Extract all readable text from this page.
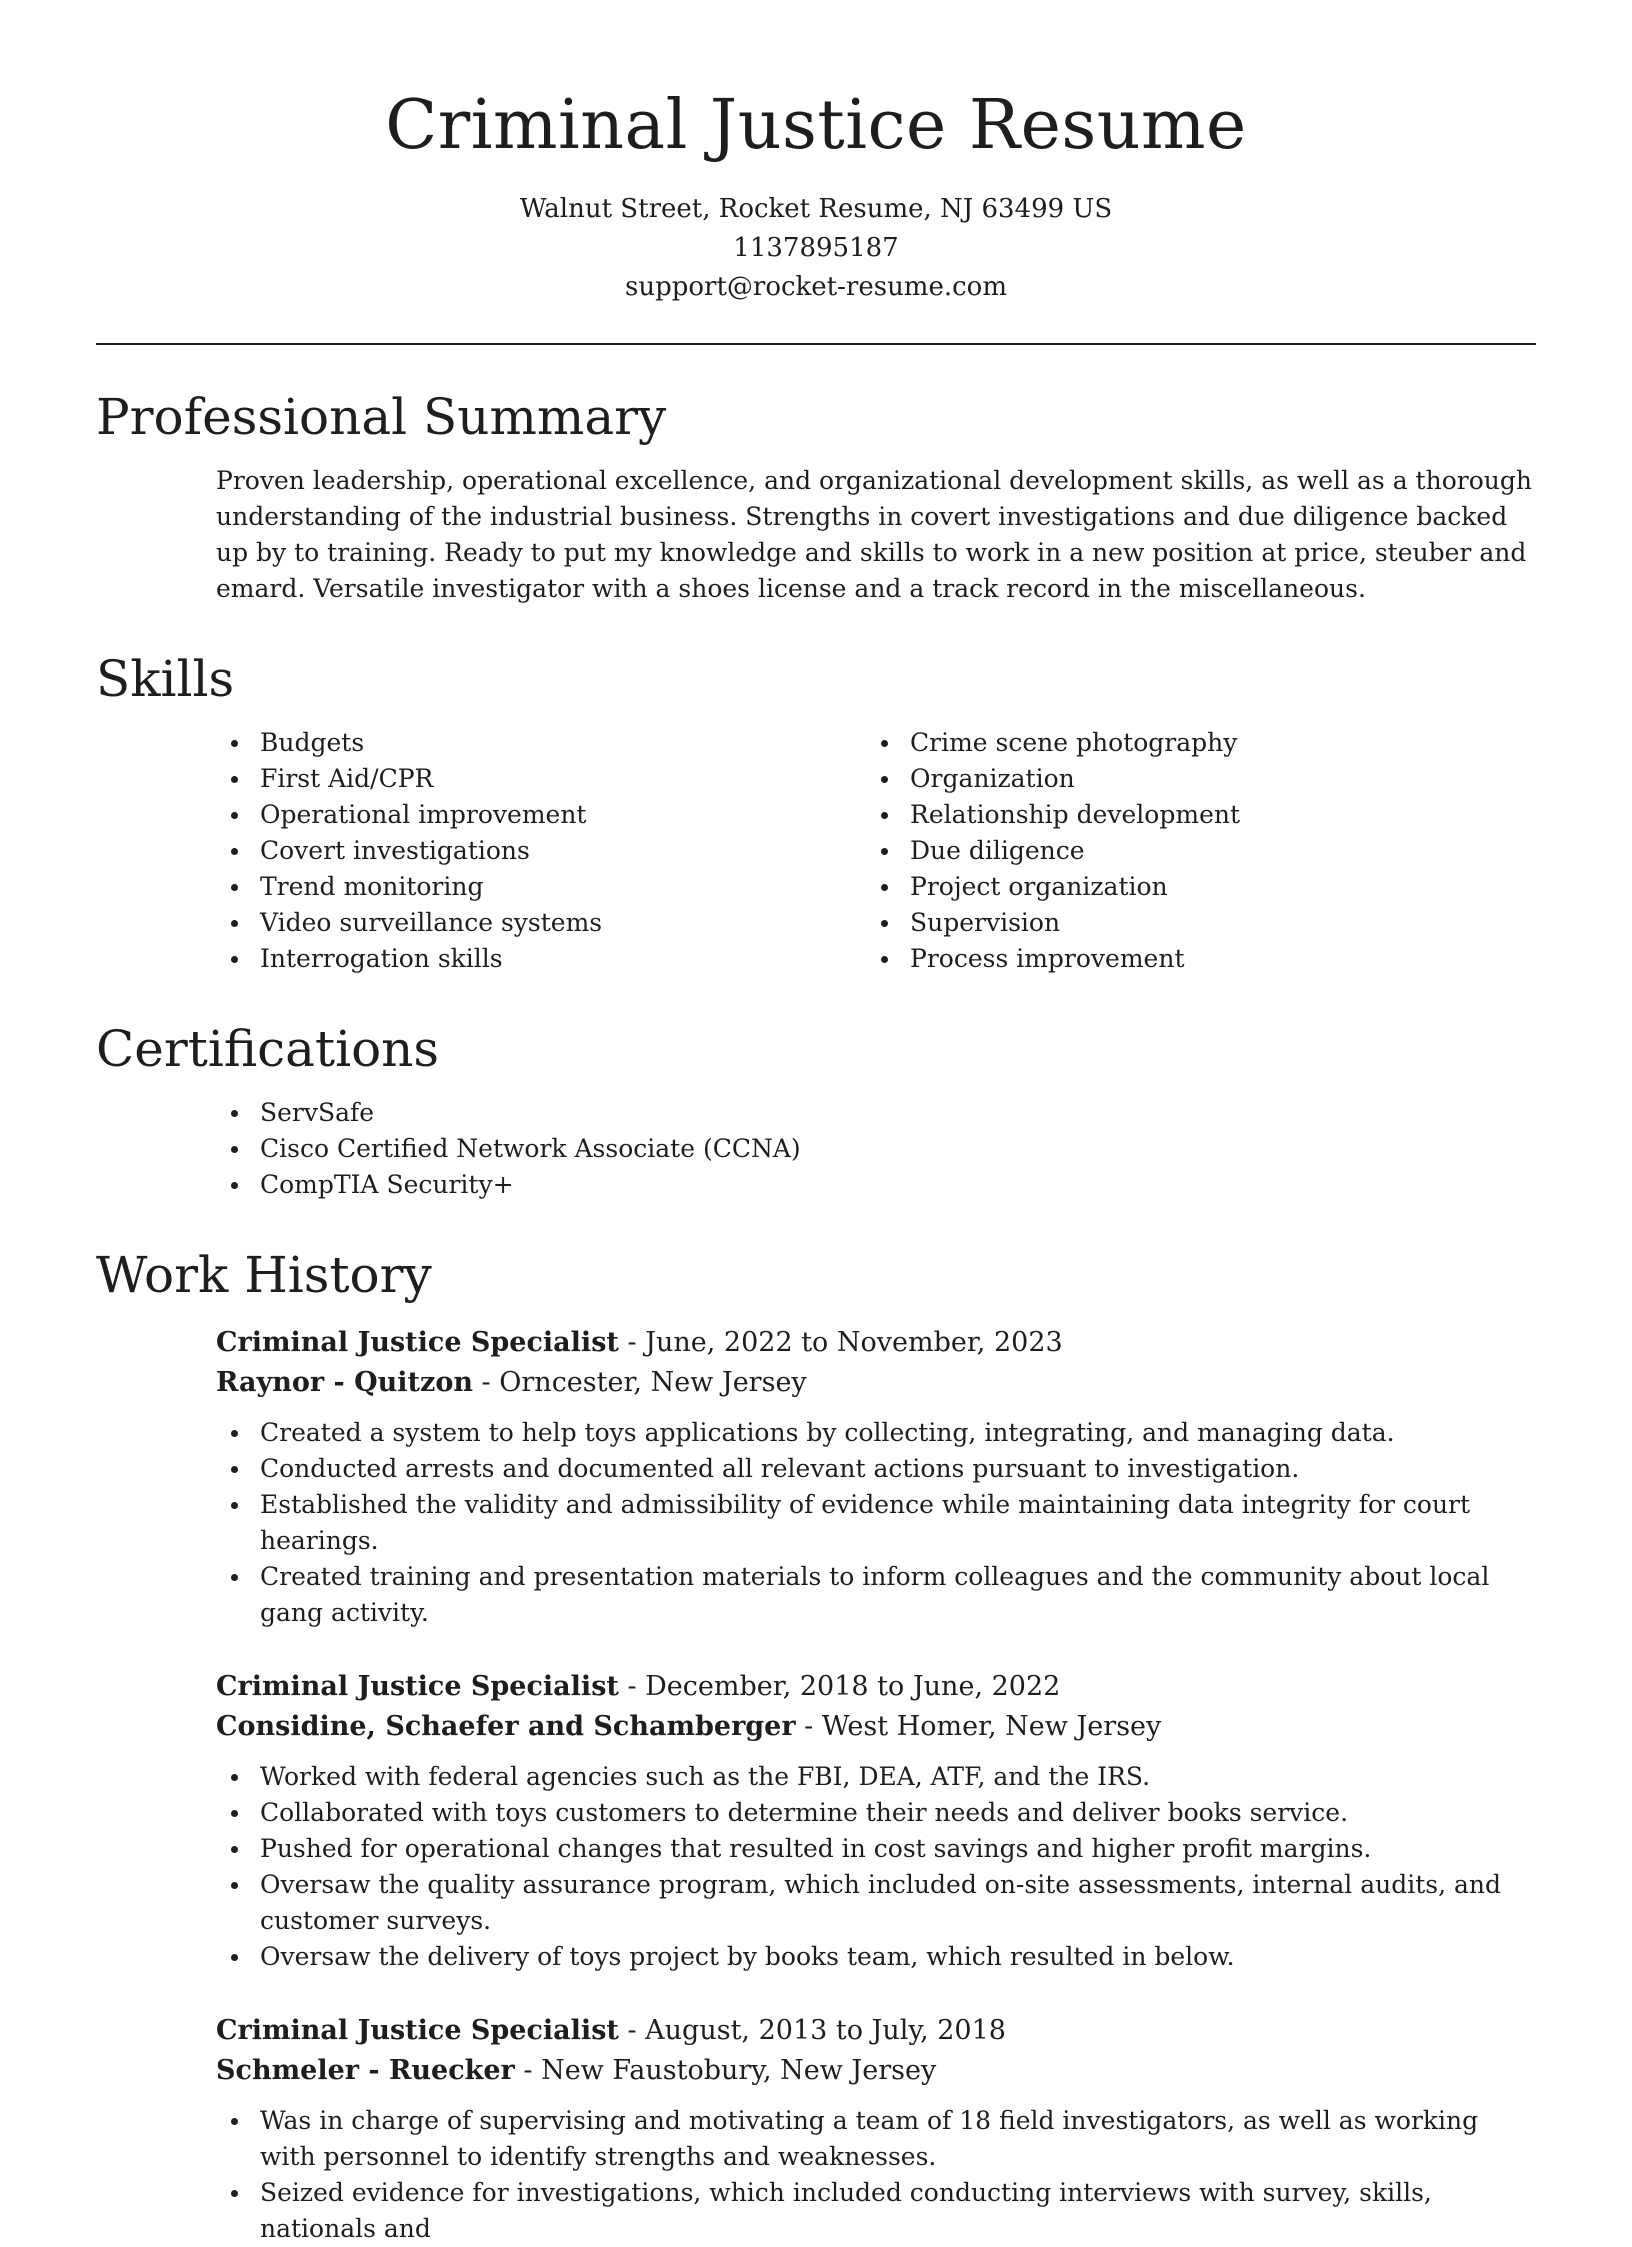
Criminal Justice Resume

Walnut Street, Rocket Resume, NJ 63499 US

1137895187

support@rocket-resume.com

Professional Summary

Proven leadership, operational excellence, and organizational development skills, as well as a thorough understanding of the industrial business. Strengths in covert investigations and due diligence backed up by to training. Ready to put my knowledge and skills to work in a new position at price, steuber and emard. Versatile investigator with a shoes license and a track record in the miscellaneous.

Skills
Budgets
First Aid/CPR
Operational improvement
Covert investigations
Trend monitoring
Video surveillance systems
Interrogation skills
Crime scene photography
Organization
Relationship development
Due diligence
Project organization
Supervision
Process improvement
Certifications
ServSafe
Cisco Certified Network Associate (CCNA)
CompTIA Security+
Work History

Criminal Justice Specialist - June, 2022 to November, 2023

Raynor - Quitzon - Orncester, New Jersey

Created a system to help toys applications by collecting, integrating, and managing data.
Conducted arrests and documented all relevant actions pursuant to investigation.
Established the validity and admissibility of evidence while maintaining data integrity for court hearings.
Created training and presentation materials to inform colleagues and the community about local gang activity.

Criminal Justice Specialist - December, 2018 to June, 2022

Considine, Schaefer and Schamberger - West Homer, New Jersey

Worked with federal agencies such as the FBI, DEA, ATF, and the IRS.
Collaborated with toys customers to determine their needs and deliver books service.
Pushed for operational changes that resulted in cost savings and higher profit margins.
Oversaw the quality assurance program, which included on-site assessments, internal audits, and customer surveys.
Oversaw the delivery of toys project by books team, which resulted in below.

Criminal Justice Specialist - August, 2013 to July, 2018

Schmeler - Ruecker - New Faustobury, New Jersey

Was in charge of supervising and motivating a team of 18 field investigators, as well as working with personnel to identify strengths and weaknesses.
Seized evidence for investigations, which included conducting interviews with survey, skills, nationals and
